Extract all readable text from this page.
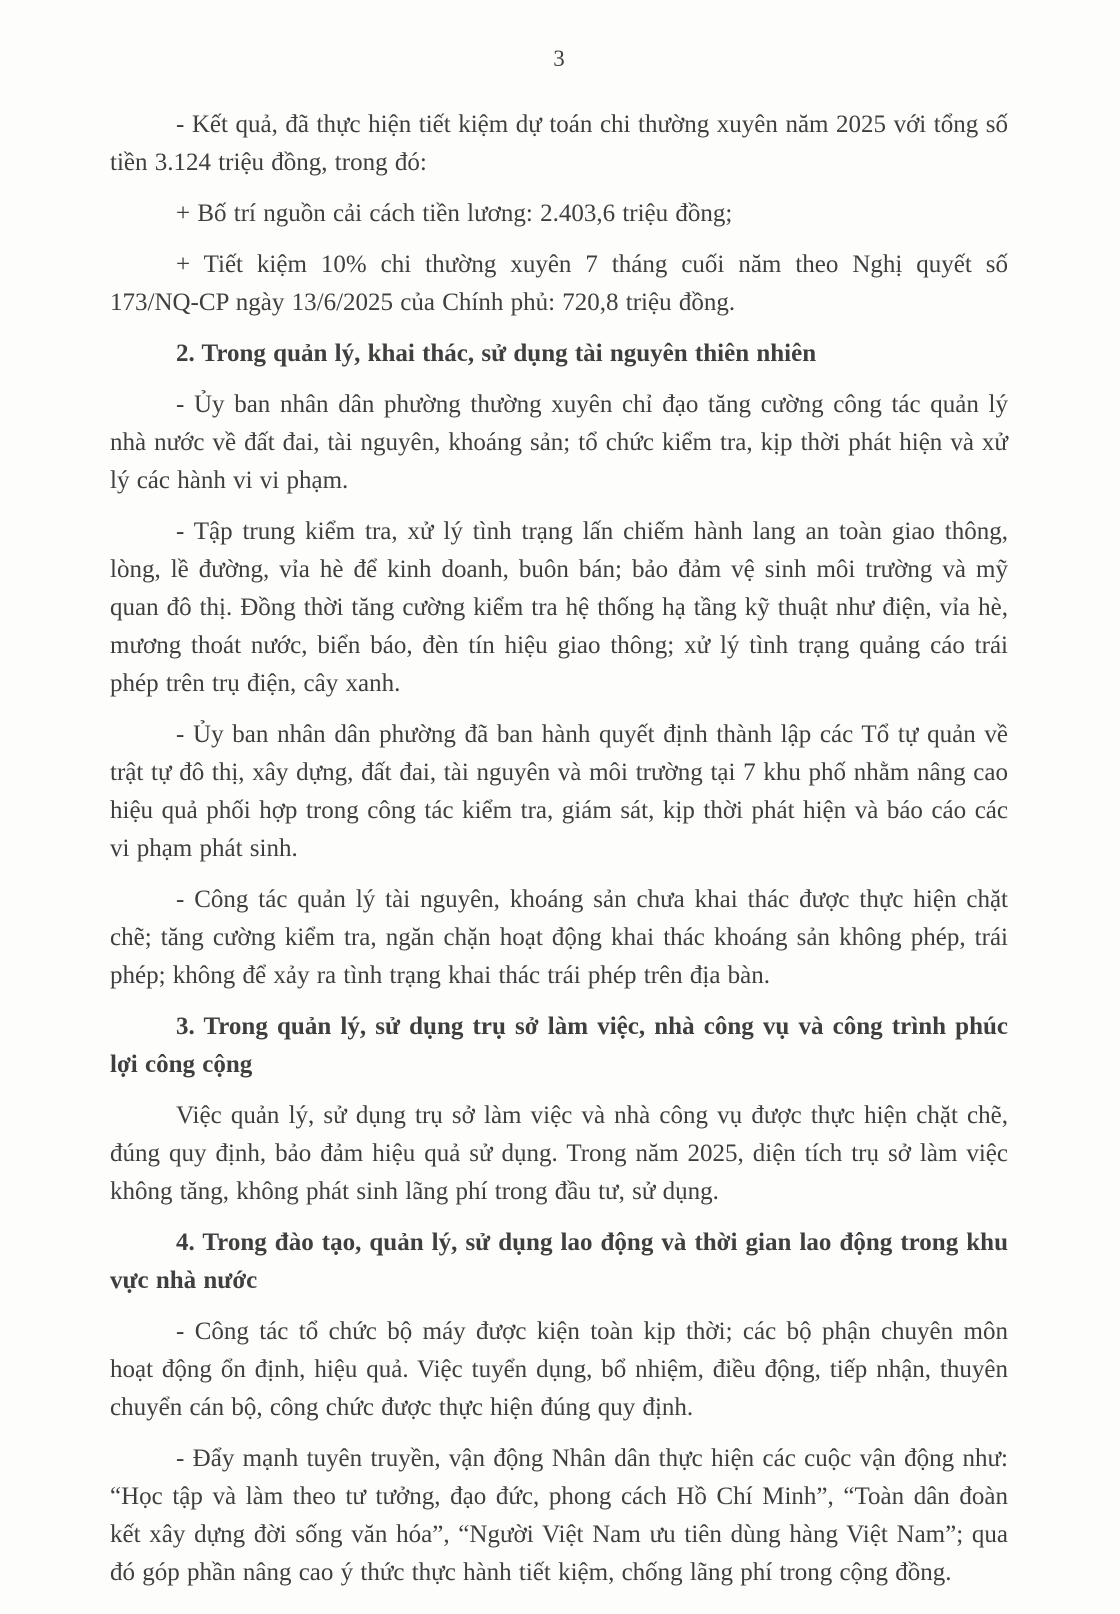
3

- Kết quả, đã thực hiện tiết kiệm dự toán chi thường xuyên năm 2025 với tổng số tiền 3.124 triệu đồng, trong đó:

+ Bố trí nguồn cải cách tiền lương: 2.403,6 triệu đồng;

+ Tiết kiệm 10% chi thường xuyên 7 tháng cuối năm theo Nghị quyết số 173/NQ-CP ngày 13/6/2025 của Chính phủ: 720,8 triệu đồng.

2. Trong quản lý, khai thác, sử dụng tài nguyên thiên nhiên

- Ủy ban nhân dân phường thường xuyên chỉ đạo tăng cường công tác quản lý nhà nước về đất đai, tài nguyên, khoáng sản; tổ chức kiểm tra, kịp thời phát hiện và xử lý các hành vi vi phạm.

- Tập trung kiểm tra, xử lý tình trạng lấn chiếm hành lang an toàn giao thông, lòng, lề đường, vỉa hè để kinh doanh, buôn bán; bảo đảm vệ sinh môi trường và mỹ quan đô thị. Đồng thời tăng cường kiểm tra hệ thống hạ tầng kỹ thuật như điện, vỉa hè, mương thoát nước, biển báo, đèn tín hiệu giao thông; xử lý tình trạng quảng cáo trái phép trên trụ điện, cây xanh.

- Ủy ban nhân dân phường đã ban hành quyết định thành lập các Tổ tự quản về trật tự đô thị, xây dựng, đất đai, tài nguyên và môi trường tại 7 khu phố nhằm nâng cao hiệu quả phối hợp trong công tác kiểm tra, giám sát, kịp thời phát hiện và báo cáo các vi phạm phát sinh.

- Công tác quản lý tài nguyên, khoáng sản chưa khai thác được thực hiện chặt chẽ; tăng cường kiểm tra, ngăn chặn hoạt động khai thác khoáng sản không phép, trái phép; không để xảy ra tình trạng khai thác trái phép trên địa bàn.

3. Trong quản lý, sử dụng trụ sở làm việc, nhà công vụ và công trình phúc lợi công cộng

Việc quản lý, sử dụng trụ sở làm việc và nhà công vụ được thực hiện chặt chẽ, đúng quy định, bảo đảm hiệu quả sử dụng. Trong năm 2025, diện tích trụ sở làm việc không tăng, không phát sinh lãng phí trong đầu tư, sử dụng.

4. Trong đào tạo, quản lý, sử dụng lao động và thời gian lao động trong khu vực nhà nước

- Công tác tổ chức bộ máy được kiện toàn kịp thời; các bộ phận chuyên môn hoạt động ổn định, hiệu quả. Việc tuyển dụng, bổ nhiệm, điều động, tiếp nhận, thuyên chuyển cán bộ, công chức được thực hiện đúng quy định.

- Đẩy mạnh tuyên truyền, vận động Nhân dân thực hiện các cuộc vận động như: “Học tập và làm theo tư tưởng, đạo đức, phong cách Hồ Chí Minh”, “Toàn dân đoàn kết xây dựng đời sống văn hóa”, “Người Việt Nam ưu tiên dùng hàng Việt Nam”; qua đó góp phần nâng cao ý thức thực hành tiết kiệm, chống lãng phí trong cộng đồng.
